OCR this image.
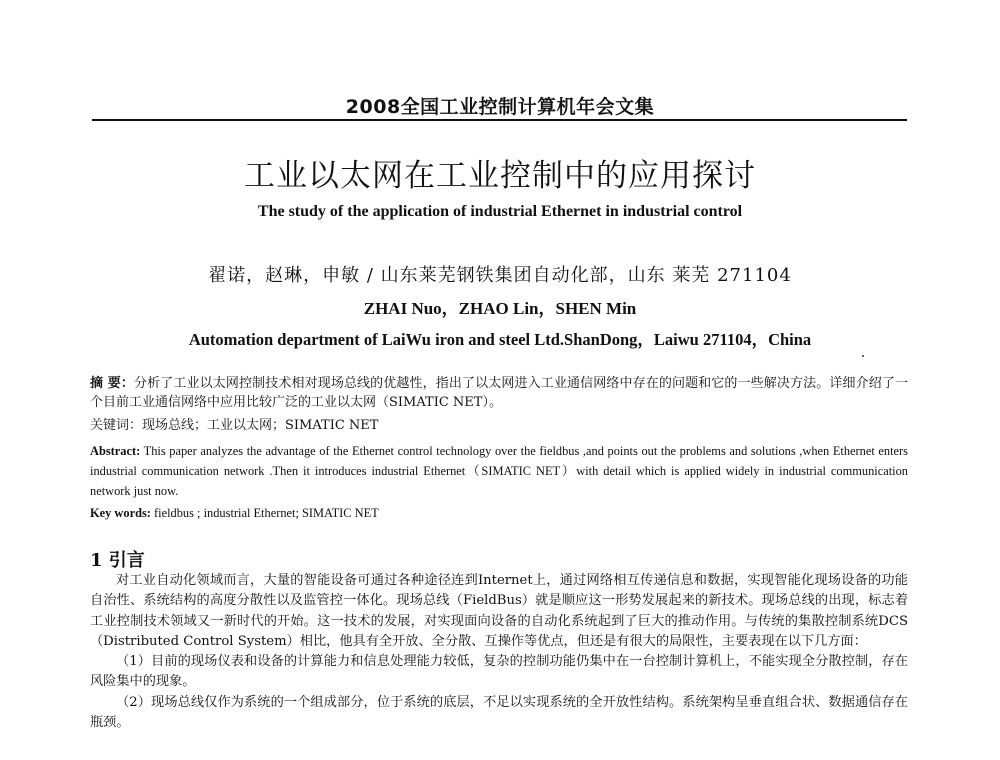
2008全国工业控制计算机年会文集
工业以太网在工业控制中的应用探讨
The study of the application of industrial Ethernet in industrial control
翟诺，赵琳，申敏 / 山东莱芜钢铁集团自动化部，山东 莱芜 271104
ZHAI Nuo，ZHAO Lin，SHEN Min
Automation department of LaiWu iron and steel Ltd.ShanDong，Laiwu 271104，China
摘 要：分析了工业以太网控制技术相对现场总线的优越性，指出了以太网进入工业通信网络中存在的问题和它的一些解决方法。详细介绍了一个目前工业通信网络中应用比较广泛的工业以太网（SIMATIC NET）。
关键词：现场总线；工业以太网；SIMATIC NET
Abstract: This paper analyzes the advantage of the Ethernet control technology over the fieldbus ,and points out the problems and solutions ,when Ethernet enters industrial communication network .Then it introduces industrial Ethernet（SIMATIC NET）with detail which is applied widely in industrial communication network just now.
Key words: fieldbus ; industrial Ethernet; SIMATIC NET
1 引言

对工业自动化领域而言，大量的智能设备可通过各种途径连到Internet上，通过网络相互传递信息和数据，实现智能化现场设备的功能自治性、系统结构的高度分散性以及监管控一体化。现场总线（FieldBus）就是顺应这一形势发展起来的新技术。现场总线的出现，标志着工业控制技术领域又一新时代的开始。这一技术的发展，对实现面向设备的自动化系统起到了巨大的推动作用。与传统的集散控制系统DCS（Distributed Control System）相比，他具有全开放、全分散、互操作等优点，但还是有很大的局限性，主要表现在以下几方面：

（1）目前的现场仪表和设备的计算能力和信息处理能力较低，复杂的控制功能仍集中在一台控制计算机上，不能实现全分散控制，存在风险集中的现象。

（2）现场总线仅作为系统的一个组成部分，位于系统的底层，不足以实现系统的全开放性结构。系统架构呈垂直组合状、数据通信存在瓶颈。
